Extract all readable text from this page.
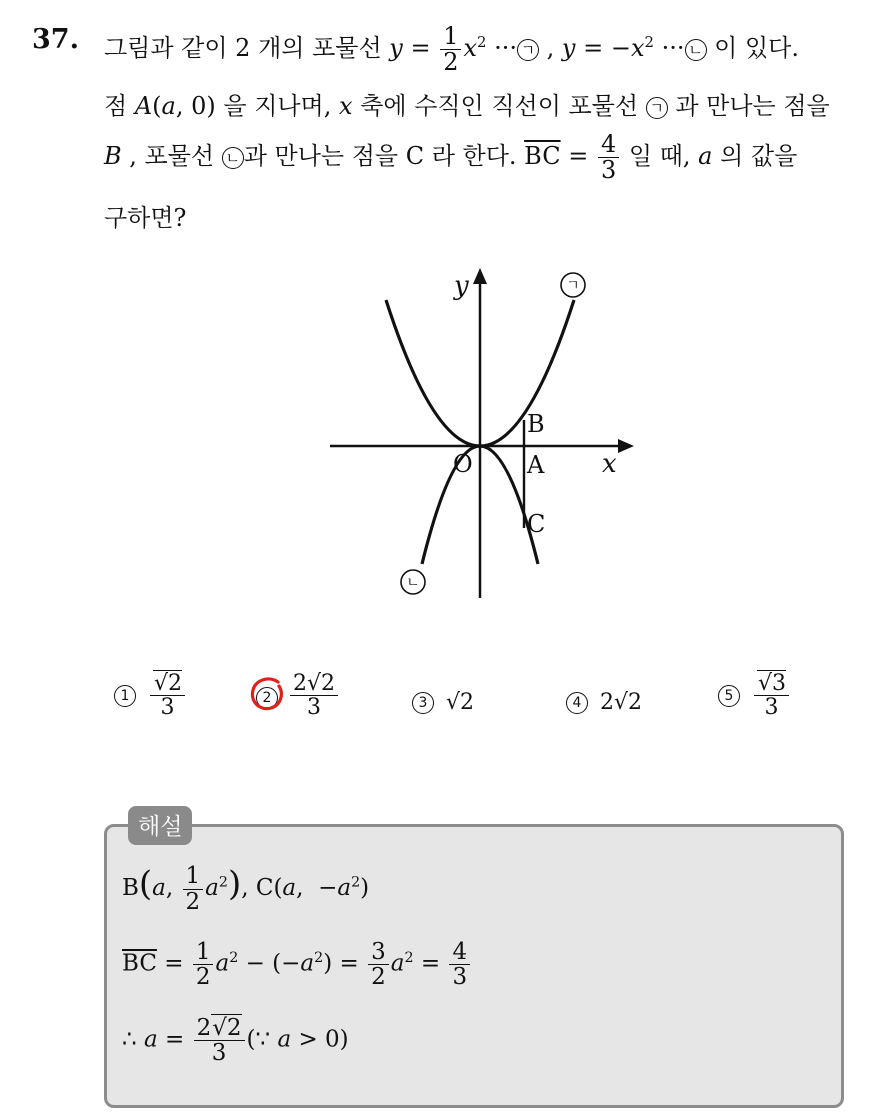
37. 그림과 같이 2 개의 포물선 $y = \frac{1}{2} x^2$ ··· ㄱ , $y = -x^2$ ··· ㄴ 이 있다.
점 A(a, 0) 을 지나며, x 축에 수직인 직선이 포물선 ㄱ 과 만나는 점을
B , 포물선 ㄴ 과 만나는 점을 C 라 한다. $\overline{BC} = \frac{4}{3}$ 일 때, a 의 값을
구하면?
y
x
O A
B
C
ㄱ
ㄴ
$1 \frac{√2}{3}$	$2 \frac{2√2}{3}$	3 √2	4 2√2	$5 \frac{√3}{3}$
해설
B(a, $\frac{1}{2} a^2$), C(a,  $-a^2$)
$\overline{BC} = \frac{1}{2} a^2 - (-a^2) = \frac{3}{2} a^2 = \frac{4}{3}$
∴ $a = \frac{2√2}{3}$ (∵ a > 0)
